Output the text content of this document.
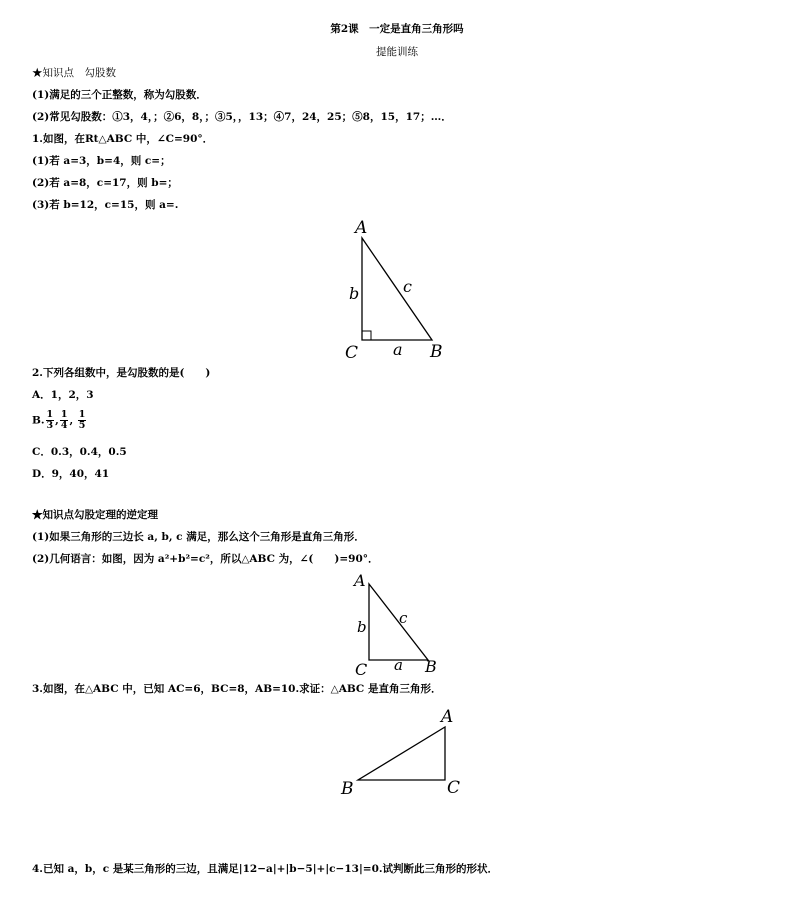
第2课　一定是直角三角形吗
提能训练
★知识点　勾股数
(1)满足的三个正整数，称为勾股数．
(2)常见勾股数：①3，4，；②6，8，；③5，，13；④7，24，25；⑤8，15，17；…．
1.如图，在Rt△ABC 中，∠C=90°．
(1)若 a=3，b=4，则 c=；
(2)若 a=8，c=17，则 b=；
(3)若 b=12，c=15，则 a=.
A
C	B
b	c
a
2.下列各组数中，是勾股数的是(　　)
A．1，2，3
B. $\frac{1}{3}$ , $\frac{1}{4}$ , $\frac{1}{5}$
C．0.3，0.4，0.5
D．9，40，41
★知识点勾股定理的逆定理
(1)如果三角形的三边长 a, b, c 满足，那么这个三角形是直角三角形．
(2)几何语言：如图，因为 a²+b²=c²，所以△ABC 为，∠(　　)=90°．
A
C	B
b c
a
3.如图，在△ABC 中，已知 AC=6，BC=8，AB=10.求证：△ABC 是直角三角形．
A
B	C
4.已知 a，b，c 是某三角形的三边，且满足|12−a|+|b−5|+|c−13|=0.试判断此三角形的形状．
